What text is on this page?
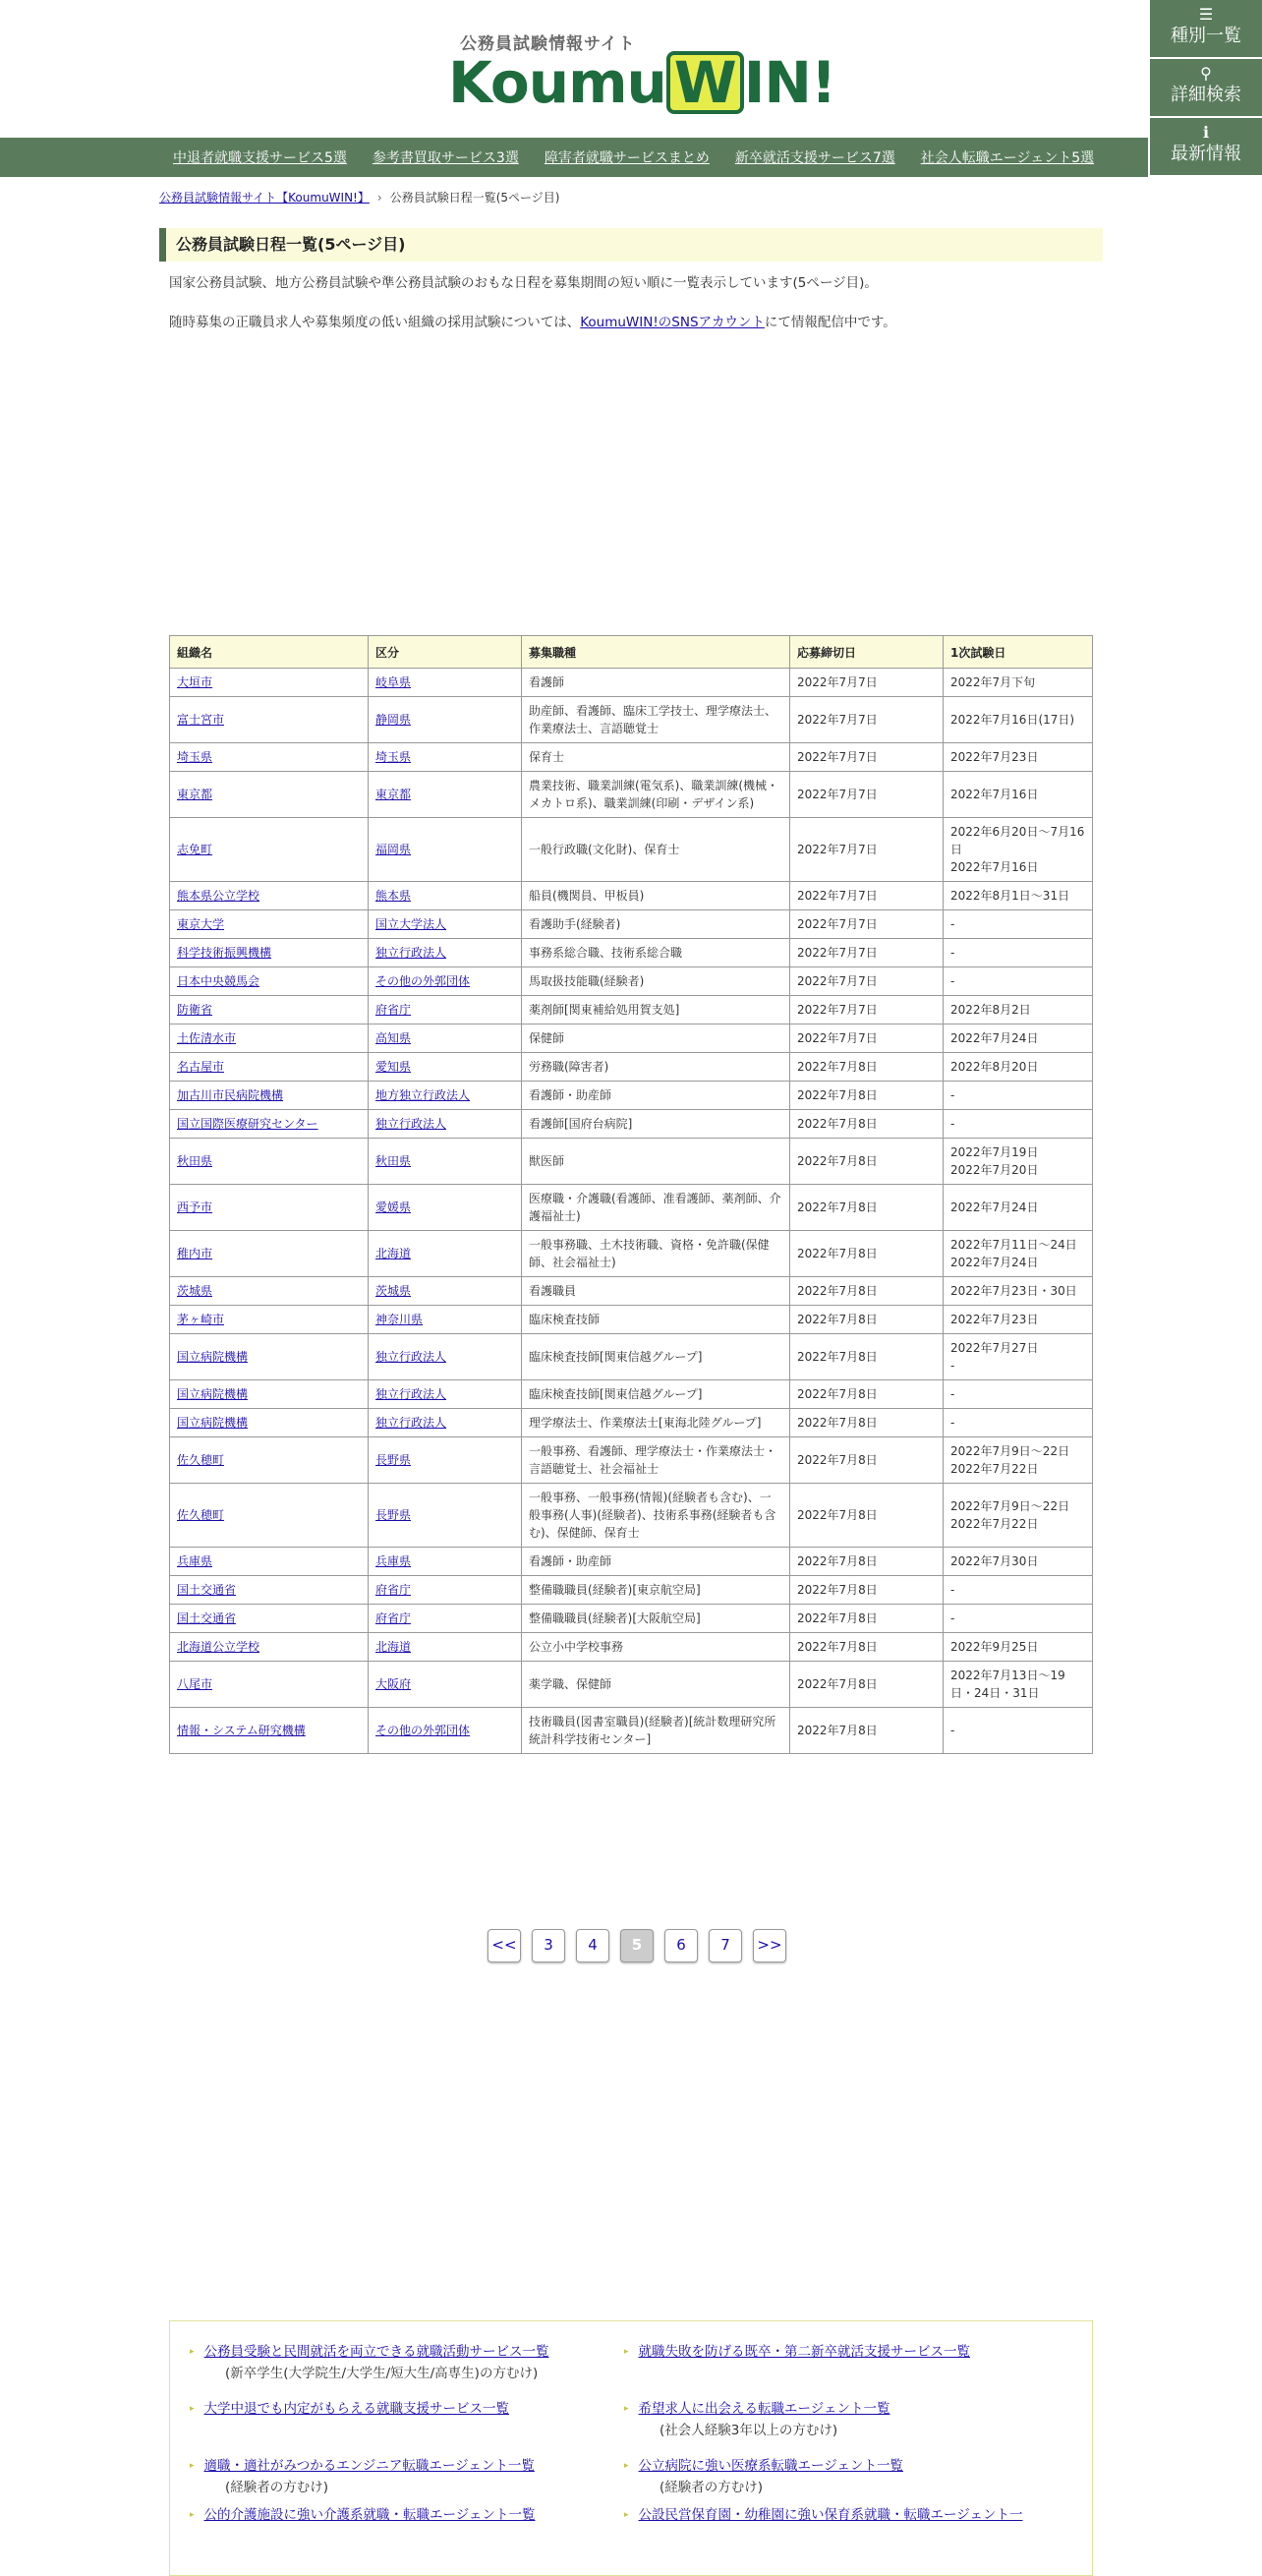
公務員試験情報サイト
Koumu W IN!
☰
種別一覧
⚲
詳細検索
ℹ
最新情報
中退者就職支援サービス5選 参考書買取サービス3選 障害者就職サービスまとめ 新卒就活支援サービス7選 社会人転職エージェント5選
公務員試験情報サイト【KoumuWIN!】 › 公務員試験日程一覧(5ページ目)
公務員試験日程一覧(5ページ目)

国家公務員試験、地方公務員試験や準公務員試験のおもな日程を募集期間の短い順に一覧表示しています(5ページ目)。

随時募集の正職員求人や募集頻度の低い組織の採用試験については、KoumuWIN!のSNSアカウントにて情報配信中です。

組織名	区分	募集職種	応募締切日	1次試験日
大垣市	岐阜県	看護師	2022年7月7日	2022年7月下旬
富士宮市	静岡県	助産師、看護師、臨床工学技士、理学療法士、作業療法士、言語聴覚士	2022年7月7日	2022年7月16日(17日)
埼玉県	埼玉県	保育士	2022年7月7日	2022年7月23日
東京都	東京都	農業技術、職業訓練(電気系)、職業訓練(機械・メカトロ系)、職業訓練(印刷・デザイン系)	2022年7月7日	2022年7月16日
志免町	福岡県	一般行政職(文化財)、保育士	2022年7月7日	2022年6月20日〜7月16日
2022年7月16日
熊本県公立学校	熊本県	船員(機関員、甲板員)	2022年7月7日	2022年8月1日～31日
東京大学	国立大学法人	看護助手(経験者)	2022年7月7日	-
科学技術振興機構	独立行政法人	事務系総合職、技術系総合職	2022年7月7日	-
日本中央競馬会	その他の外郭団体	馬取扱技能職(経験者)	2022年7月7日	-
防衛省	府省庁	薬剤師[関東補給処用賀支処]	2022年7月7日	2022年8月2日
土佐清水市	高知県	保健師	2022年7月7日	2022年7月24日
名古屋市	愛知県	労務職(障害者)	2022年7月8日	2022年8月20日
加古川市民病院機構	地方独立行政法人	看護師・助産師	2022年7月8日	-
国立国際医療研究センター	独立行政法人	看護師[国府台病院]	2022年7月8日	-
秋田県	秋田県	獣医師	2022年7月8日	2022年7月19日
2022年7月20日
西予市	愛媛県	医療職・介護職(看護師、准看護師、薬剤師、介護福祉士)	2022年7月8日	2022年7月24日
稚内市	北海道	一般事務職、土木技術職、資格・免許職(保健師、社会福祉士)	2022年7月8日	2022年7月11日～24日
2022年7月24日
茨城県	茨城県	看護職員	2022年7月8日	2022年7月23日・30日
茅ヶ崎市	神奈川県	臨床検査技師	2022年7月8日	2022年7月23日
国立病院機構	独立行政法人	臨床検査技師[関東信越グループ]	2022年7月8日	2022年7月27日
-
国立病院機構	独立行政法人	臨床検査技師[関東信越グループ]	2022年7月8日	-
国立病院機構	独立行政法人	理学療法士、作業療法士[東海北陸グループ]	2022年7月8日	-
佐久穂町	長野県	一般事務、看護師、理学療法士・作業療法士・言語聴覚士、社会福祉士	2022年7月8日	2022年7月9日～22日
2022年7月22日
佐久穂町	長野県	一般事務、一般事務(情報)(経験者も含む)、一般事務(人事)(経験者)、技術系事務(経験者も含む)、保健師、保育士	2022年7月8日	2022年7月9日～22日
2022年7月22日
兵庫県	兵庫県	看護師・助産師	2022年7月8日	2022年7月30日
国土交通省	府省庁	整備職職員(経験者)[東京航空局]	2022年7月8日	-
国土交通省	府省庁	整備職職員(経験者)[大阪航空局]	2022年7月8日	-
北海道公立学校	北海道	公立小中学校事務	2022年7月8日	2022年9月25日
八尾市	大阪府	薬学職、保健師	2022年7月8日	2022年7月13日～19日・24日・31日
情報・システム研究機構	その他の外郭団体	技術職員(図書室職員)(経験者)[統計数理研究所統計科学技術センター]	2022年7月8日	-
<<	3	4	5	6	7	>>
▸ 公務員受験と民間就活を両立できる就職活動サービス一覧
(新卒学生(大学院生/大学生/短大生/高専生)の方むけ)
▸ 就職失敗を防げる既卒・第二新卒就活支援サービス一覧
▸ 大学中退でも内定がもらえる就職支援サービス一覧	▸ 希望求人に出会える転職エージェント一覧
(社会人経験3年以上の方むけ)
▸ 適職・適社がみつかるエンジニア転職エージェント一覧
(経験者の方むけ)
▸ 公立病院に強い医療系転職エージェント一覧
(経験者の方むけ)
▸ 公的介護施設に強い介護系就職・転職エージェント一覧	▸ 公設民営保育園・幼稚園に強い保育系就職・転職エージェント一
